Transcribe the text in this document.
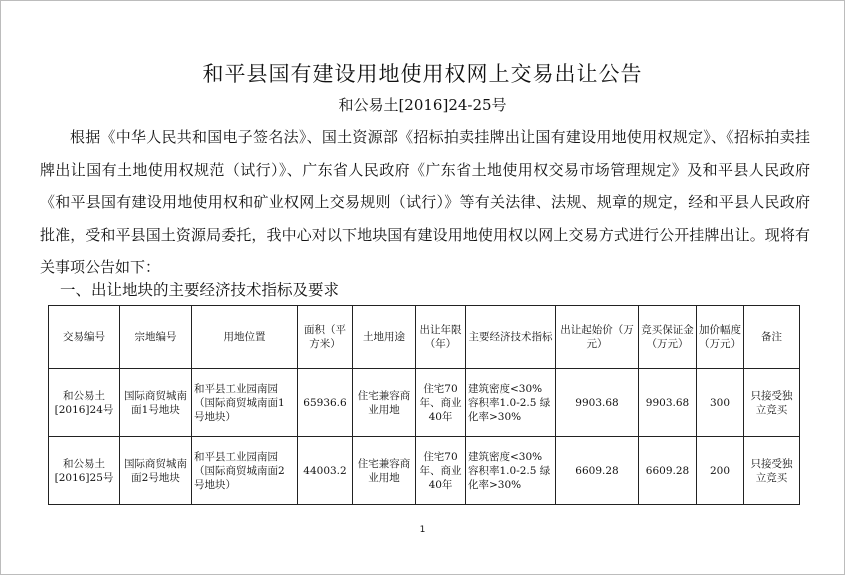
和平县国有建设用地使用权网上交易出让公告
和公易土[2016]24-25号

根据《中华人民共和国电子签名法》、国土资源部《招标拍卖挂牌出让国有建设用地使用权规定》、《招标拍卖挂牌出让国有土地使用权规范（试行）》、广东省人民政府《广东省土地使用权交易市场管理规定》及和平县人民政府《和平县国有建设用地使用权和矿业权网上交易规则（试行）》等有关法律、法规、规章的规定，经和平县人民政府批准，受和平县国土资源局委托，我中心对以下地块国有建设用地使用权以网上交易方式进行公开挂牌出让。现将有关事项公告如下：

一、出让地块的主要经济技术指标及要求
交易编号	宗地编号	用地位置	面积（平方米）	土地用途	出让年限（年）	主要经济技术指标	出让起始价（万元）	竞买保证金（万元）	加价幅度（万元）	备注
和公易土[2016]24号	国际商贸城南面1号地块	和平县工业园南园（国际商贸城南面1号地块）	65936.6	住宅兼容商业用地	住宅70年、商业40年	建筑密度<30% 容积率1.0-2.5 绿化率>30%	9903.68	9903.68	300	只接受独立竞买
和公易土[2016]25号	国际商贸城南面2号地块	和平县工业园南园（国际商贸城南面2号地块）	44003.2	住宅兼容商业用地	住宅70年、商业40年	建筑密度<30% 容积率1.0-2.5 绿化率>30%	6609.28	6609.28	200	只接受独立竞买
1
